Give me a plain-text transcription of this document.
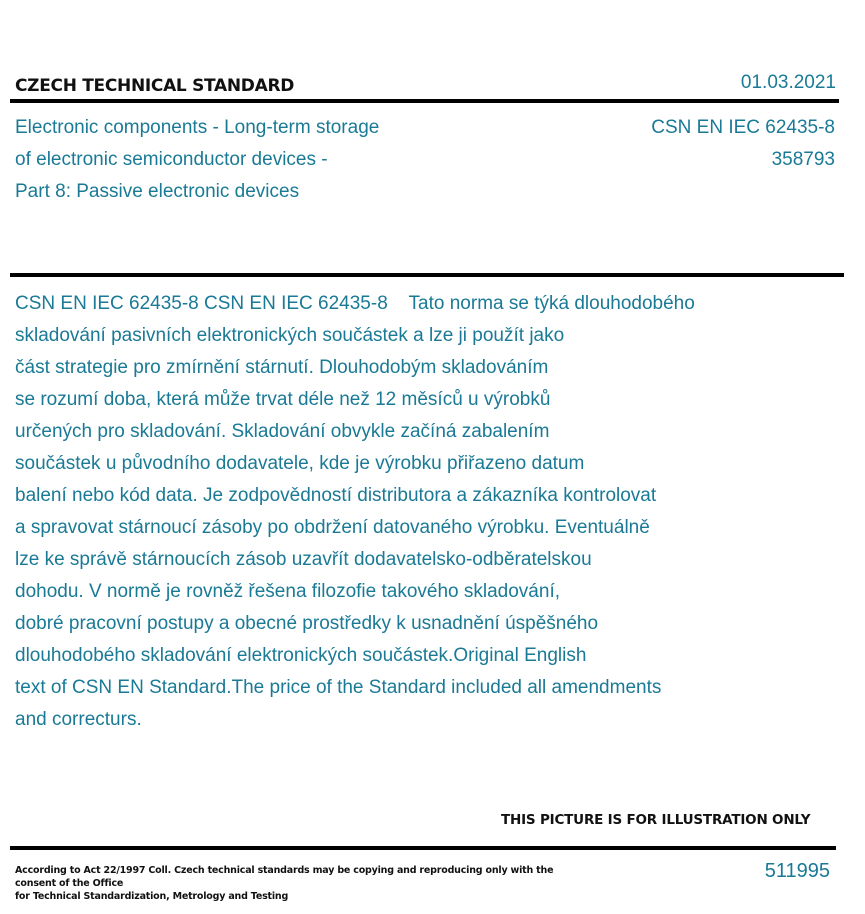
CZECH TECHNICAL STANDARD	01.03.2021
Electronic components - Long-term storage
of electronic semiconductor devices -
Part 8: Passive electronic devices
CSN EN IEC 62435-8
358793
CSN EN IEC 62435-8 CSN EN IEC 62435-8    Tato norma se týká dlouhodobého
skladování pasivních elektronických součástek a lze ji použít jako
část strategie pro zmírnění stárnutí. Dlouhodobým skladováním
se rozumí doba, která může trvat déle než 12 měsíců u výrobků
určených pro skladování. Skladování obvykle začíná zabalením
součástek u původního dodavatele, kde je výrobku přiřazeno datum
balení nebo kód data. Je zodpovědností distributora a zákazníka kontrolovat
a spravovat stárnoucí zásoby po obdržení datovaného výrobku. Eventuálně
lze ke správě stárnoucích zásob uzavřít dodavatelsko-odběratelskou
dohodu. V normě je rovněž řešena filozofie takového skladování,
dobré pracovní postupy a obecné prostředky k usnadnění úspěšného
dlouhodobého skladování elektronických součástek.Original English
text of CSN EN Standard.The price of the Standard included all amendments
and correcturs.
THIS PICTURE IS FOR ILLUSTRATION ONLY
According to Act 22/1997 Coll. Czech technical standards may be copying and reproducing only with the consent of the Office
for Technical Standardization, Metrology and Testing
511995
